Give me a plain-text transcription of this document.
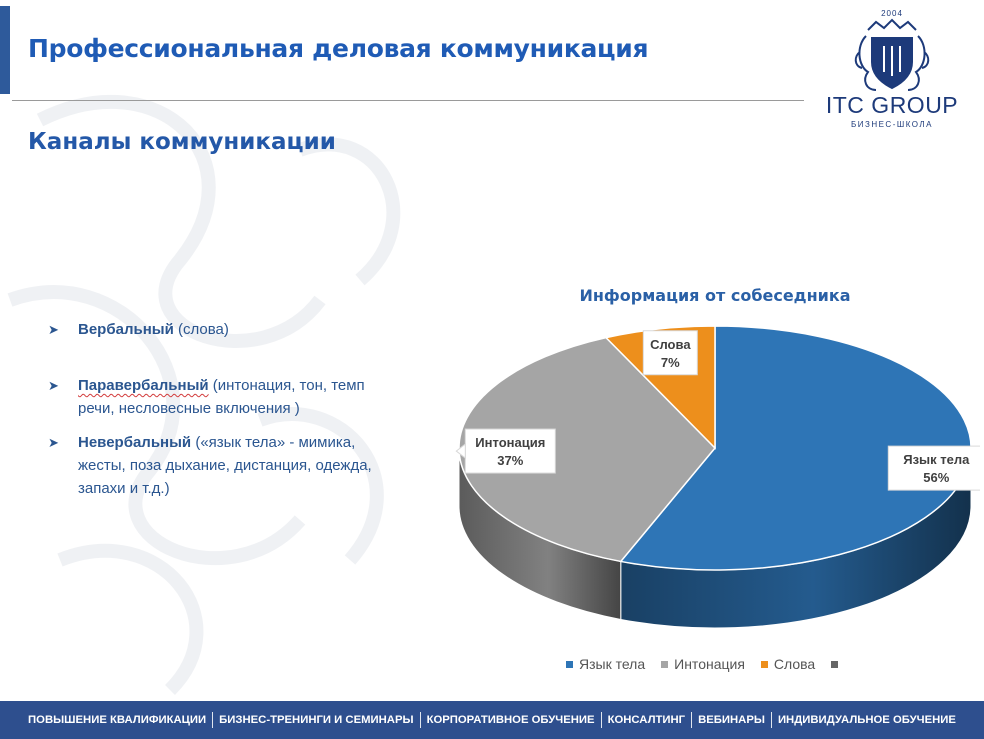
Профессиональная деловая коммуникация
2004
ITC GROUP
БИЗНЕС-ШКОЛА
Каналы коммуникации
➤ Вербальный (слова)
➤ Паравербальный (интонация, тон, темп речи, несловесные включения )
➤ Невербальный («язык тела» - мимика, жесты, поза дыхание, дистанция, одежда, запахи и т.д.)
Информация от собеседника
Язык тела
56%
Интонация
37%
Слова
7%
Язык тела Интонация Слова
ПОВЫШЕНИЕ КВАЛИФИКАЦИИ	БИЗНЕС-ТРЕНИНГИ И СЕМИНАРЫ	КОРПОРАТИВНОЕ ОБУЧЕНИЕ	КОНСАЛТИНГ	ВЕБИНАРЫ	ИНДИВИДУАЛЬНОЕ ОБУЧЕНИЕ
